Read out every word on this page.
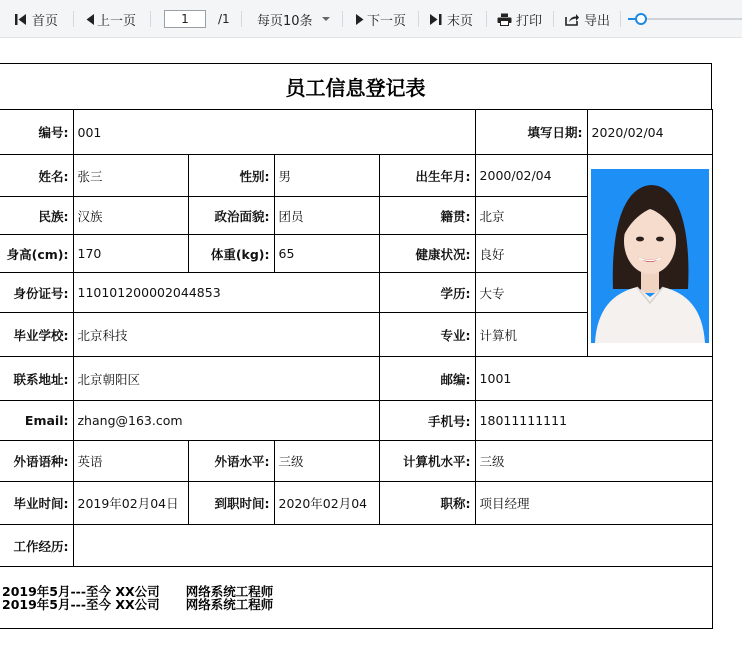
首页	上一页
1	/1 每页10条	下一页	末页	打印	导出
员工信息登记表
编号:	001				填写日期:	2020/02/04
姓名:	张三	性别:	男	出生年月:	2000/02/04	

民族:	汉族	政治面貌:	团员	籍贯:	北京	
身高(cm):	170	体重(kg):	65	健康状况:	良好	
身份证号:	110101200002044853			学历:	大专	
毕业学校:	北京科技			专业:	计算机	
联系地址:	北京朝阳区			邮编:	1001	
Email:	zhang@163.com			手机号:	18011111111	
外语语种:	英语	外语水平:	三级	计算机水平:	三级	
毕业时间:	2019年02月04日	到职时间:	2020年02月04	职称:	项目经理	
工作经历:						

2019年5月---至今 XX公司      网络系统工程师
2019年5月---至今 XX公司      网络系统工程师						
